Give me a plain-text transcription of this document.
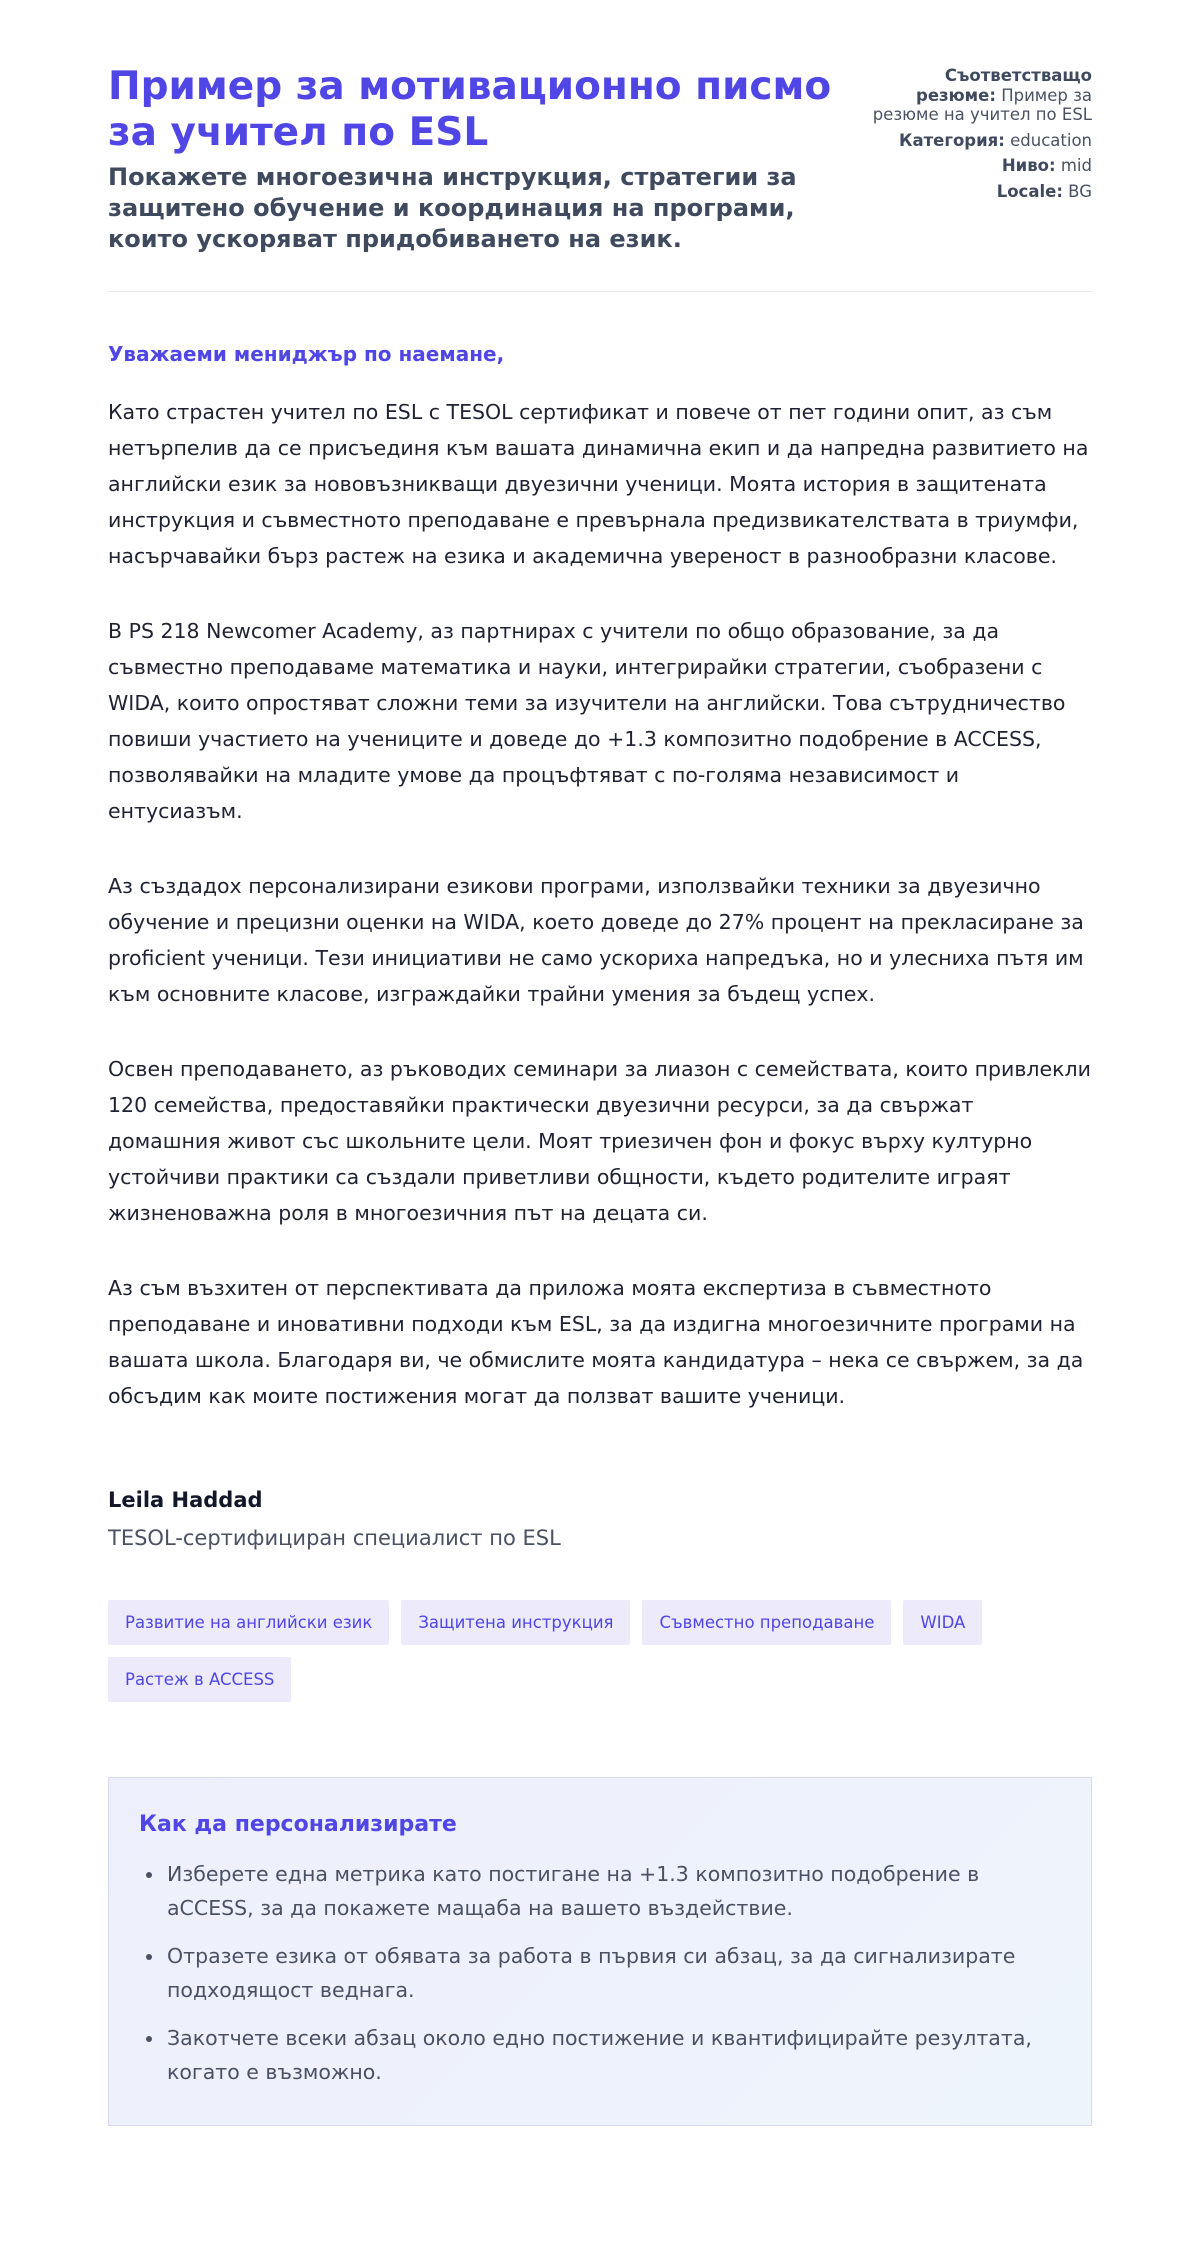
Пример за мотивационно писмо за учител по ESL
Покажете многоезична инструкция, стратегии за защитено обучение и координация на програми, които ускоряват придобиването на език.
Съответстващо резюме: Пример за резюме на учител по ESL
Категория: education
Ниво: mid
Locale: BG

Уважаеми мениджър по наемане,

Като страстен учител по ESL с TESOL сертификат и повече от пет години опит, аз съм нетърпелив да се присъединя към вашата динамична екип и да напредна развитието на английски език за нововъзникващи двуезични ученици. Моята история в защитената инструкция и съвместното преподаване е превърнала предизвикателствата в триумфи, насърчавайки бърз растеж на езика и академична увереност в разнообразни класове.

В PS 218 Newcomer Academy, аз партнирах с учители по общо образование, за да съвместно преподаваме математика и науки, интегрирайки стратегии, съобразени с WIDA, които опростяват сложни теми за изучители на английски. Това сътрудничество повиши участието на учениците и доведе до +1.3 композитно подобрение в ACCESS, позволявайки на младите умове да процъфтяват с по-голяма независимост и ентусиазъм.

Аз създадох персонализирани езикови програми, използвайки техники за двуезично обучение и прецизни оценки на WIDA, което доведе до 27% процент на прекласиране за proficient ученици. Тези инициативи не само ускориха напредъка, но и улесниха пътя им към основните класове, изграждайки трайни умения за бъдещ успех.

Освен преподаването, аз ръководих семинари за лиазон с семействата, които привлекли 120 семейства, предоставяйки практически двуезични ресурси, за да свържат домашния живот със школьните цели. Моят триезичен фон и фокус върху културно устойчиви практики са създали приветливи общности, където родителите играят жизненоважна роля в многоезичния път на децата си.

Аз съм възхитен от перспективата да приложа моята експертиза в съвместното преподаване и иновативни подходи към ESL, за да издигна многоезичните програми на вашата школа. Благодаря ви, че обмислите моята кандидатура – нека се свържем, за да обсъдим как моите постижения могат да ползват вашите ученици.

Leila Haddad

TESOL-сертифициран специалист по ESL

Развитие на английски език	Защитена инструкция	Съвместно преподаване	WIDA
Растеж в ACCESS
Как да персонализирате
• Изберете една метрика като постигане на +1.3 композитно подобрение в aCCESS, за да покажете мащаба на вашето въздействие.
• Отразете езика от обявата за работа в първия си абзац, за да сигнализирате подходящост веднага.
• Закотчете всеки абзац около едно постижение и квантифицирайте резултата, когато е възможно.
